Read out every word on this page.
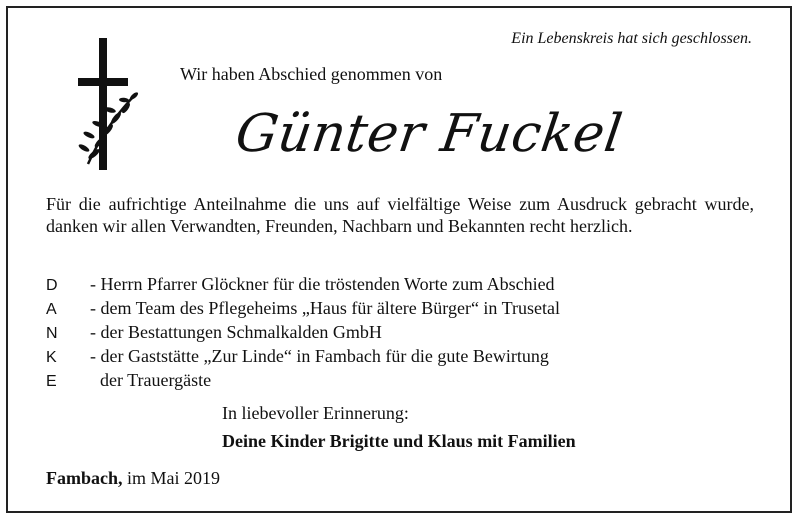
Ein Lebenskreis hat sich geschlossen.
Wir haben Abschied genommen von
Günter Fuckel
Für die aufrichtige Anteilnahme die uns auf vielfältige Weise zum Ausdruck gebracht wurde, danken wir allen Verwandten, Freunden, Nachbarn und Bekannten recht herzlich.
D	- Herrn Pfarrer Glöckner für die tröstenden Worte zum Abschied
A	- dem Team des Pflegeheims „Haus für ältere Bürger“ in Trusetal
N	- der Bestattungen Schmalkalden GmbH
K	- der Gaststätte „Zur Linde“ in Fambach für die gute Bewirtung
E	der Trauergäste
In liebevoller Erinnerung:
Deine Kinder Brigitte und Klaus mit Familien
Fambach, im Mai 2019
